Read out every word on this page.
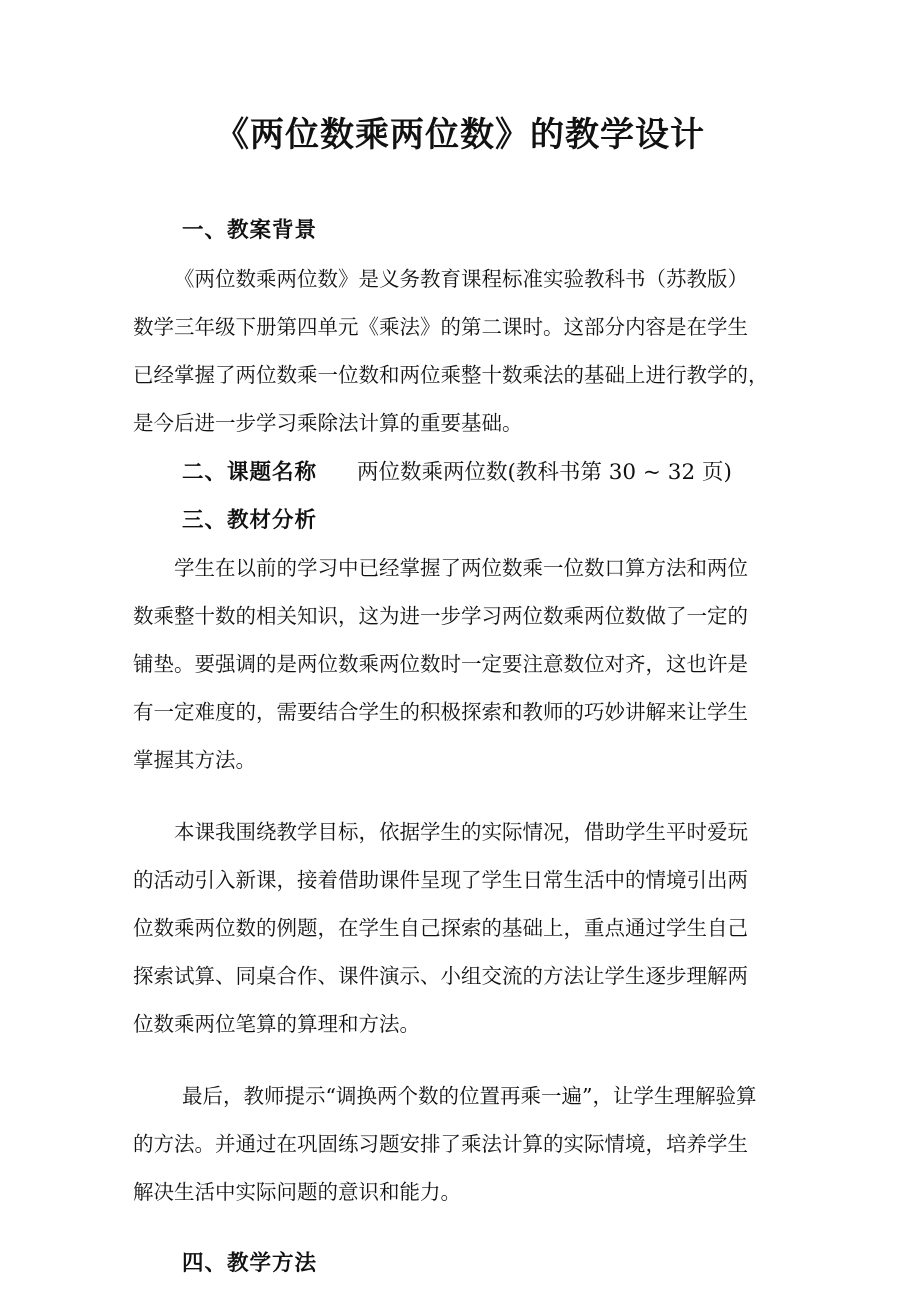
《两位数乘两位数》的教学设计
一、教案背景
《两位数乘两位数》是义务教育课程标准实验教科书（苏教版）
数学三年级下册第四单元《乘法》的第二课时。这部分内容是在学生
已经掌握了两位数乘一位数和两位乘整十数乘法的基础上进行教学的，
是今后进一步学习乘除法计算的重要基础。
二、课题名称 两位数乘两位数(教科书第 30 ~ 32 页)
三、教材分析
学生在以前的学习中已经掌握了两位数乘一位数口算方法和两位
数乘整十数的相关知识，这为进一步学习两位数乘两位数做了一定的
铺垫。要强调的是两位数乘两位数时一定要注意数位对齐，这也许是
有一定难度的，需要结合学生的积极探索和教师的巧妙讲解来让学生
掌握其方法。
本课我围绕教学目标，依据学生的实际情况，借助学生平时爱玩
的活动引入新课，接着借助课件呈现了学生日常生活中的情境引出两
位数乘两位数的例题，在学生自己探索的基础上，重点通过学生自己
探索试算、同桌合作、课件演示、小组交流的方法让学生逐步理解两
位数乘两位笔算的算理和方法。
最后，教师提示“调换两个数的位置再乘一遍”，让学生理解验算
的方法。并通过在巩固练习题安排了乘法计算的实际情境，培养学生
解决生活中实际问题的意识和能力。
四、教学方法
